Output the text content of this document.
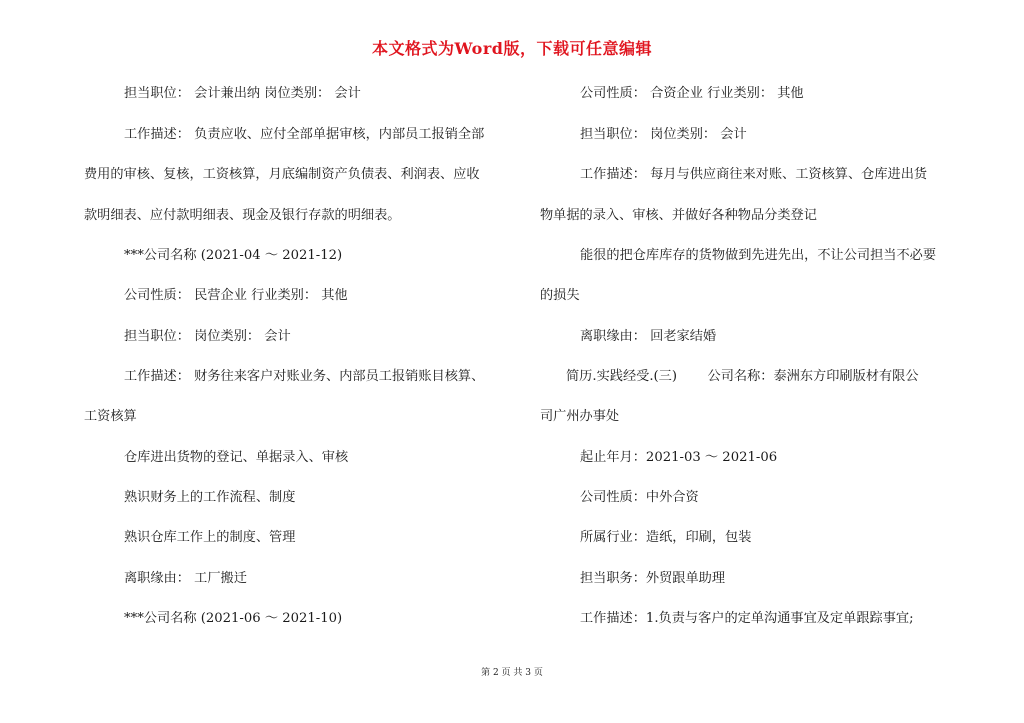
本文格式为Word版，下载可任意编辑
担当职位： 会计兼出纳 岗位类别： 会计
工作描述： 负责应收、应付全部单据审核，内部员工报销全部
费用的审核、复核，工资核算，月底编制资产负债表、利润表、应收
款明细表、应付款明细表、现金及银行存款的明细表。
***公司名称 (2021-04 ～ 2021-12)
公司性质： 民营企业 行业类别： 其他
担当职位： 岗位类别： 会计
工作描述： 财务往来客户对账业务、内部员工报销账目核算、
工资核算
仓库进出货物的登记、单据录入、审核
熟识财务上的工作流程、制度
熟识仓库工作上的制度、管理
离职缘由： 工厂搬迁
***公司名称 (2021-06 ～ 2021-10)
公司性质： 合资企业 行业类别： 其他
担当职位： 岗位类别： 会计
工作描述： 每月与供应商往来对账、工资核算、仓库进出货
物单据的录入、审核、并做好各种物品分类登记
能很的把仓库库存的货物做到先进先出，不让公司担当不必要
的损失
离职缘由： 回老家结婚
简历.实践经受.(三)　　 公司名称：泰洲东方印刷版材有限公
司广州办事处
起止年月：2021-03 ～ 2021-06
公司性质：中外合资
所属行业：造纸，印刷，包装
担当职务：外贸跟单助理
工作描述：1.负责与客户的定单沟通事宜及定单跟踪事宜;
第 2 页 共 3 页
